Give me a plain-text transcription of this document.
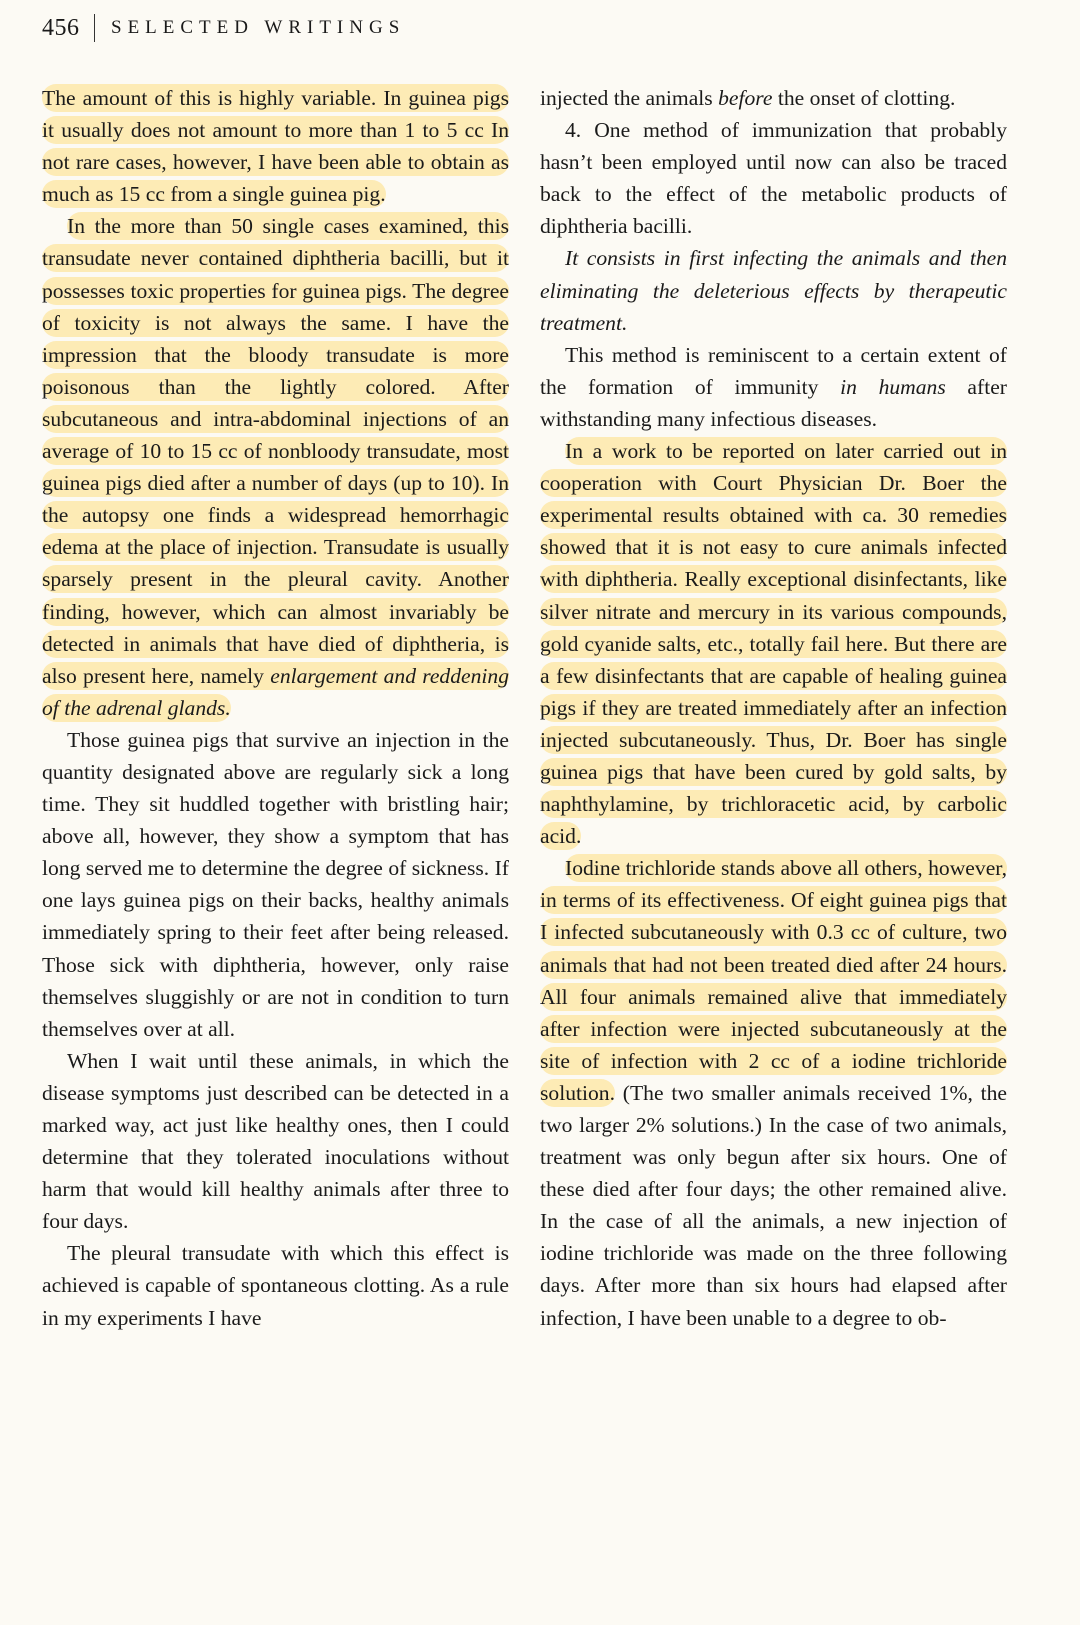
456 SELECTED WRITINGS

The amount of this is highly variable. In guinea pigs it usually does not amount to more than 1 to 5 cc In not rare cases, however, I have been able to obtain as much as 15 cc from a single guinea pig.

In the more than 50 single cases examined, this transudate never contained diphtheria bacilli, but it possesses toxic properties for guinea pigs. The degree of toxicity is not always the same. I have the impression that the bloody transudate is more poisonous than the lightly colored. After subcutaneous and intra-abdominal injections of an average of 10 to 15 cc of nonbloody transudate, most guinea pigs died after a number of days (up to 10). In the autopsy one finds a widespread hemorrhagic edema at the place of injection. Transudate is usually sparsely present in the pleural cavity. Another finding, however, which can almost invariably be detected in animals that have died of diphtheria, is also present here, namely enlargement and reddening of the adrenal glands.

Those guinea pigs that survive an injection in the quantity designated above are regularly sick a long time. They sit huddled together with bristling hair; above all, however, they show a symptom that has long served me to determine the degree of sickness. If one lays guinea pigs on their backs, healthy animals immediately spring to their feet after being released. Those sick with diphtheria, however, only raise themselves sluggishly or are not in condition to turn themselves over at all.

When I wait until these animals, in which the disease symptoms just described can be detected in a marked way, act just like healthy ones, then I could determine that they tolerated inoculations without harm that would kill healthy animals after three to four days.

The pleural transudate with which this effect is achieved is capable of spontaneous clotting. As a rule in my experiments I have

injected the animals before the onset of clotting.

4. One method of immunization that probably hasn’t been employed until now can also be traced back to the effect of the metabolic products of diphtheria bacilli.

It consists in first infecting the animals and then eliminating the deleterious effects by therapeutic treatment.

This method is reminiscent to a certain extent of the formation of immunity in humans after withstanding many infectious diseases.

In a work to be reported on later carried out in cooperation with Court Physician Dr. Boer the experimental results obtained with ca. 30 remedies showed that it is not easy to cure animals infected with diphtheria. Really exceptional disinfectants, like silver nitrate and mercury in its various compounds, gold cyanide salts, etc., totally fail here. But there are a few disinfectants that are capable of healing guinea pigs if they are treated immediately after an infection injected subcutaneously. Thus, Dr. Boer has single guinea pigs that have been cured by gold salts, by naphthylamine, by trichloracetic acid, by carbolic acid.

Iodine trichloride stands above all others, however, in terms of its effectiveness. Of eight guinea pigs that I infected subcutaneously with 0.3 cc of culture, two animals that had not been treated died after 24 hours. All four animals remained alive that immediately after infection were injected subcutaneously at the site of infection with 2 cc of a iodine trichloride solution. (The two smaller animals received 1%, the two larger 2% solutions.) In the case of two animals, treatment was only begun after six hours. One of these died after four days; the other remained alive. In the case of all the animals, a new injection of iodine trichloride was made on the three following days. After more than six hours had elapsed after infection, I have been unable to a degree to ob-
